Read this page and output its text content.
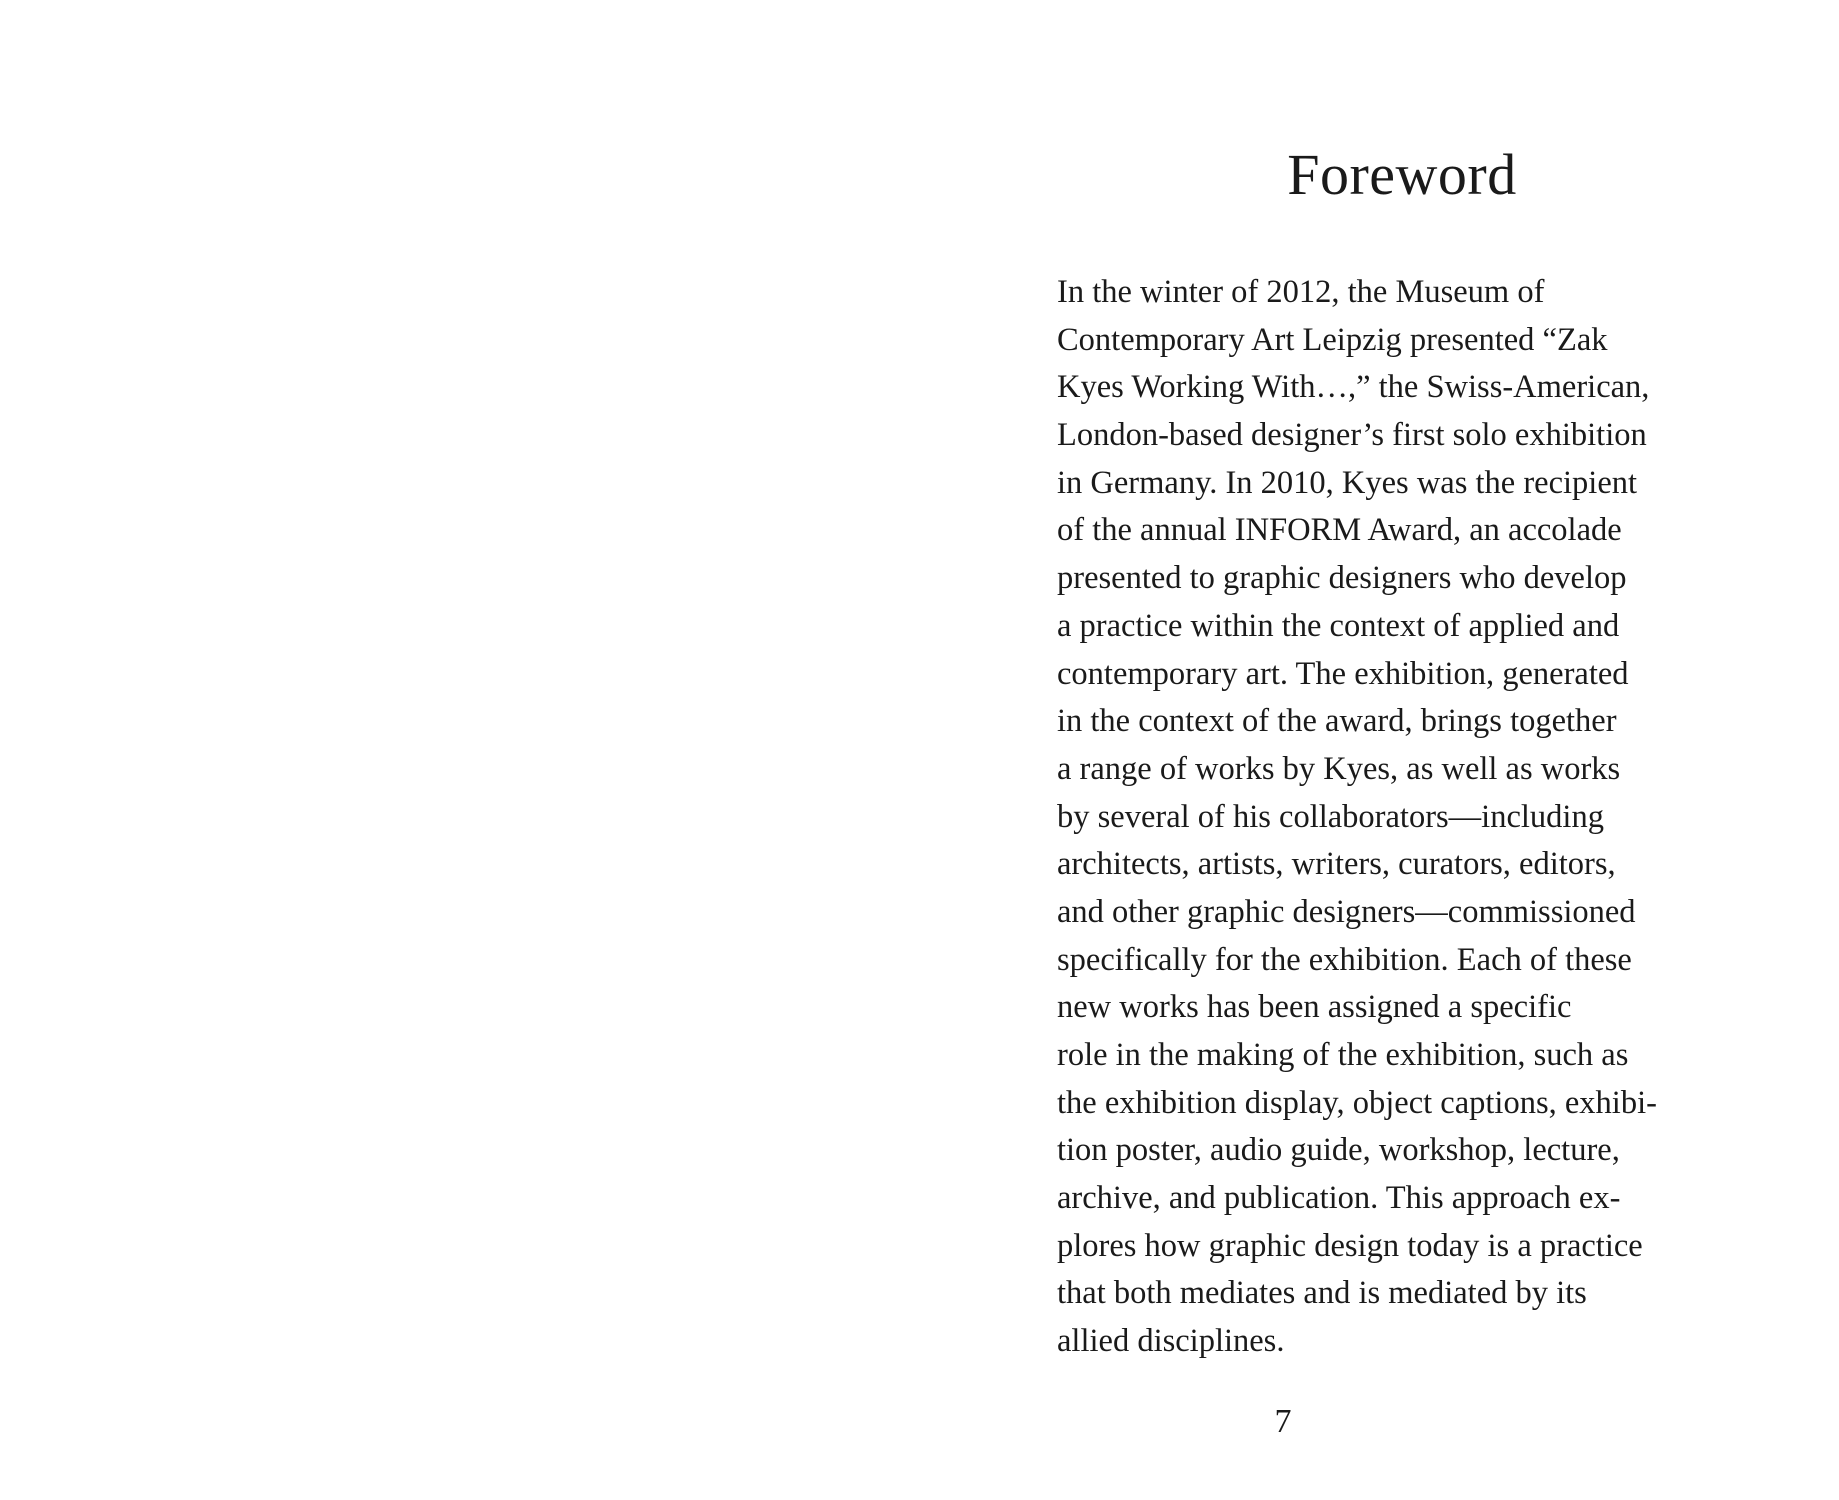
Foreword
In the winter of 2012, the Museum of
Contemporary Art Leipzig presented “Zak
Kyes Working With…,” the Swiss-American,
London-based designer’s first solo exhibition
in Germany. In 2010, Kyes was the recipient
of the annual INFORM Award, an accolade
presented to graphic designers who develop
a practice within the context of applied and
contemporary art. The exhibition, generated
in the context of the award, brings together
a range of works by Kyes, as well as works
by several of his collaborators—including
architects, artists, writers, curators, editors,
and other graphic designers—commissioned
specifically for the exhibition. Each of these
new works has been assigned a specific
role in the making of the exhibition, such as
the exhibition display, object captions, exhibi-
tion poster, audio guide, workshop, lecture,
archive, and publication. This approach ex-
plores how graphic design today is a practice
that both mediates and is mediated by its
allied disciplines.
7
